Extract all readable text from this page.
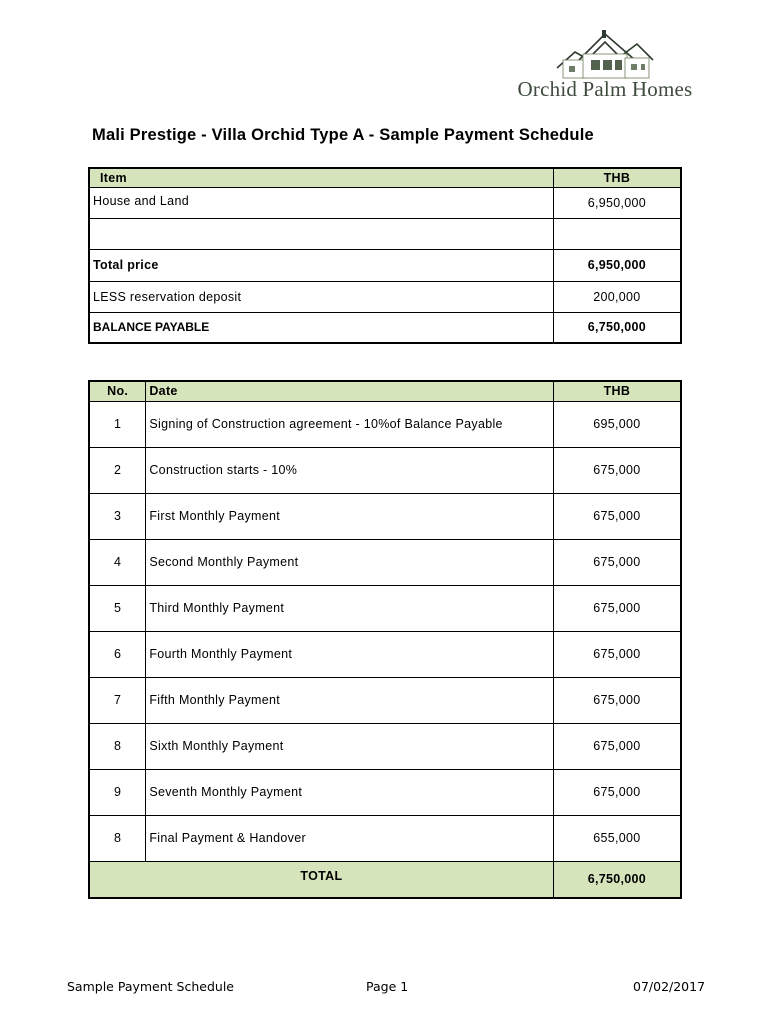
Orchid Palm Homes
Mali Prestige - Villa Orchid Type A - Sample Payment Schedule
Item	THB
House and Land	6,950,000

Total price	6,950,000
LESS reservation deposit	200,000
BALANCE PAYABLE	6,750,000
No.	Date	THB
1	Signing of Construction agreement - 10%of Balance Payable	695,000
2	Construction starts - 10%	675,000
3	First Monthly Payment	675,000
4	Second Monthly Payment	675,000
5	Third Monthly Payment	675,000
6	Fourth Monthly Payment	675,000
7	Fifth Monthly Payment	675,000
8	Sixth Monthly Payment	675,000
9	Seventh Monthly Payment	675,000
8	Final Payment & Handover	655,000
TOTAL		6,750,000
Sample Payment Schedule	Page 1	07/02/2017
